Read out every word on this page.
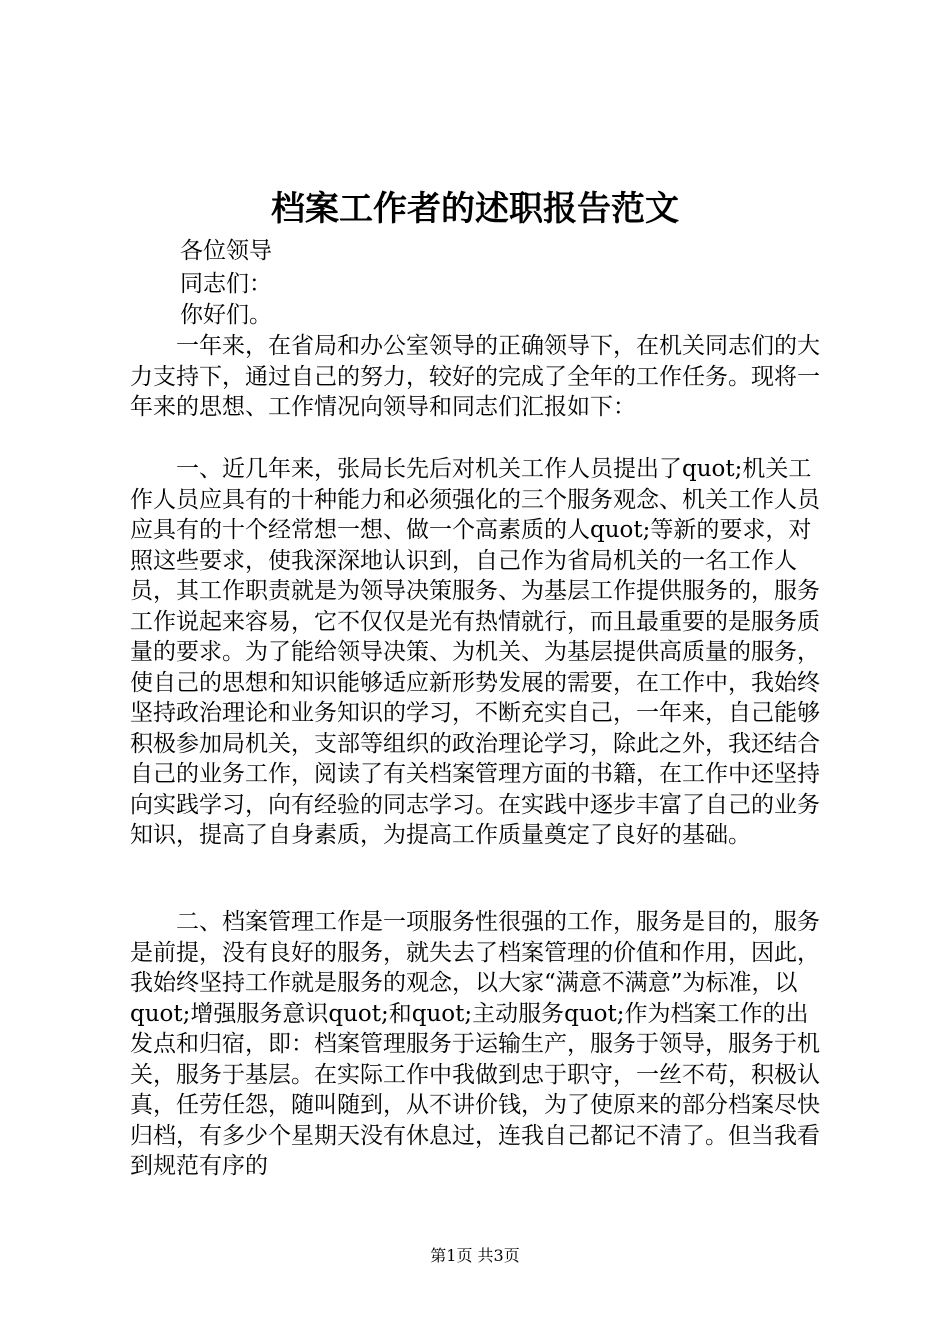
档案工作者的述职报告范文

各位领导

同志们：

你好们。

一年来，在省局和办公室领导的正确领导下，在机关同志们的大力支持下，通过自己的努力，较好的完成了全年的工作任务。现将一年来的思想、工作情况向领导和同志们汇报如下：

一、近几年来，张局长先后对机关工作人员提出了quot;机关工作人员应具有的十种能力和必须强化的三个服务观念、机关工作人员应具有的十个经常想一想、做一个高素质的人quot;等新的要求，对照这些要求，使我深深地认识到，自己作为省局机关的一名工作人员，其工作职责就是为领导决策服务、为基层工作提供服务的，服务工作说起来容易，它不仅仅是光有热情就行，而且最重要的是服务质量的要求。为了能给领导决策、为机关、为基层提供高质量的服务，使自己的思想和知识能够适应新形势发展的需要，在工作中，我始终坚持政治理论和业务知识的学习，不断充实自己，一年来，自己能够积极参加局机关，支部等组织的政治理论学习，除此之外，我还结合自己的业务工作，阅读了有关档案管理方面的书籍，在工作中还坚持向实践学习，向有经验的同志学习。在实践中逐步丰富了自己的业务知识，提高了自身素质，为提高工作质量奠定了良好的基础。

二、档案管理工作是一项服务性很强的工作，服务是目的，服务是前提，没有良好的服务，就失去了档案管理的价值和作用，因此，我始终坚持工作就是服务的观念，以大家“满意不满意”为标准，以quot;增强服务意识quot;和quot;主动服务quot;作为档案工作的出发点和归宿，即：档案管理服务于运输生产，服务于领导，服务于机关，服务于基层。在实际工作中我做到忠于职守，一丝不苟，积极认真，任劳任怨，随叫随到，从不讲价钱，为了使原来的部分档案尽快归档，有多少个星期天没有休息过，连我自己都记不清了。但当我看到规范有序的

第1页 共3页
